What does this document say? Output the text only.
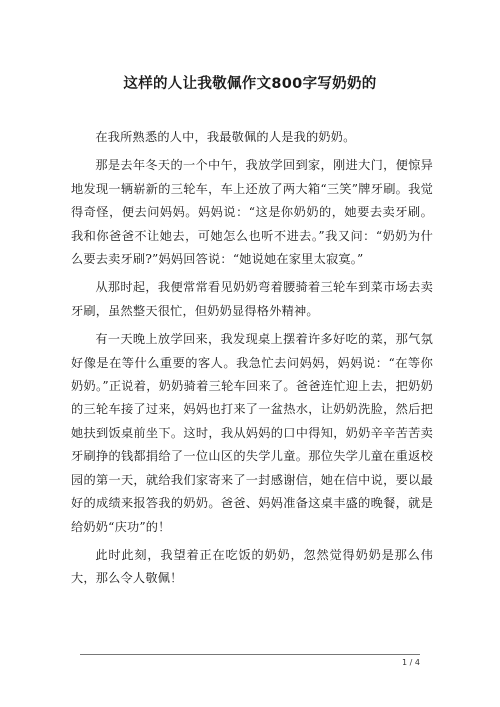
这样的人让我敬佩作文800字写奶奶的

在我所熟悉的人中，我最敬佩的人是我的奶奶。

那是去年冬天的一个中午，我放学回到家，刚进大门，便惊异地发现一辆崭新的三轮车，车上还放了两大箱“三笑”牌牙刷。我觉得奇怪，便去问妈妈。妈妈说：“这是你奶奶的，她要去卖牙刷。我和你爸爸不让她去，可她怎么也听不进去。”我又问：“奶奶为什么要去卖牙刷?”妈妈回答说：“她说她在家里太寂寞。”

从那时起，我便常常看见奶奶弯着腰骑着三轮车到菜市场去卖牙刷，虽然整天很忙，但奶奶显得格外精神。

有一天晚上放学回来，我发现桌上摆着许多好吃的菜，那气氛好像是在等什么重要的客人。我急忙去问妈妈，妈妈说：“在等你奶奶。”正说着，奶奶骑着三轮车回来了。爸爸连忙迎上去，把奶奶的三轮车接了过来，妈妈也打来了一盆热水，让奶奶洗脸，然后把她扶到饭桌前坐下。这时，我从妈妈的口中得知，奶奶辛辛苦苦卖牙刷挣的钱都捐给了一位山区的失学儿童。那位失学儿童在重返校园的第一天，就给我们家寄来了一封感谢信，她在信中说，要以最好的成绩来报答我的奶奶。爸爸、妈妈准备这桌丰盛的晚餐，就是给奶奶“庆功”的！

此时此刻，我望着正在吃饭的奶奶，忽然觉得奶奶是那么伟大，那么令人敬佩！

1 / 4
